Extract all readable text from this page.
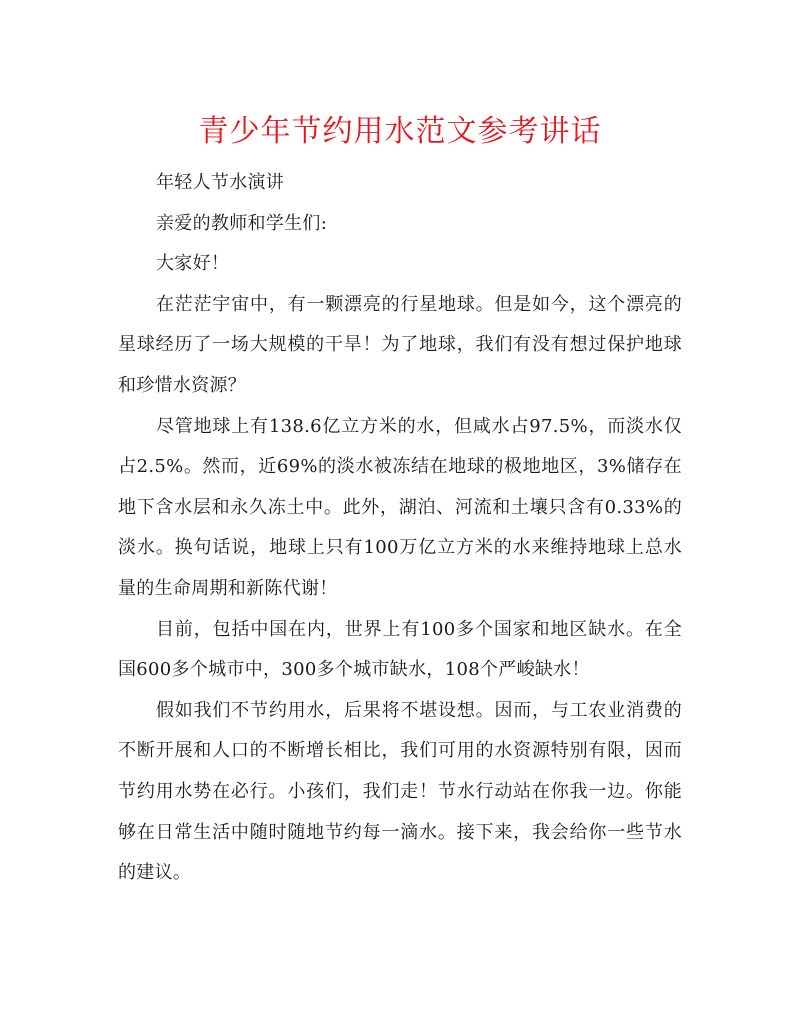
青少年节约用水范文参考讲话

年轻人节水演讲

亲爱的教师和学生们:

大家好！

在茫茫宇宙中，有一颗漂亮的行星地球。但是如今，这个漂亮的星球经历了一场大规模的干旱！为了地球，我们有没有想过保护地球和珍惜水资源？

尽管地球上有138.6亿立方米的水，但咸水占97.5%，而淡水仅占2.5%。然而，近69%的淡水被冻结在地球的极地地区，3%储存在地下含水层和永久冻土中。此外，湖泊、河流和土壤只含有0.33%的淡水。换句话说，地球上只有100万亿立方米的水来维持地球上总水量的生命周期和新陈代谢！

目前，包括中国在内，世界上有100多个国家和地区缺水。在全国600多个城市中，300多个城市缺水，108个严峻缺水！

假如我们不节约用水，后果将不堪设想。因而，与工农业消费的不断开展和人口的不断增长相比，我们可用的水资源特别有限，因而节约用水势在必行。小孩们，我们走！节水行动站在你我一边。你能够在日常生活中随时随地节约每一滴水。接下来，我会给你一些节水的建议。
